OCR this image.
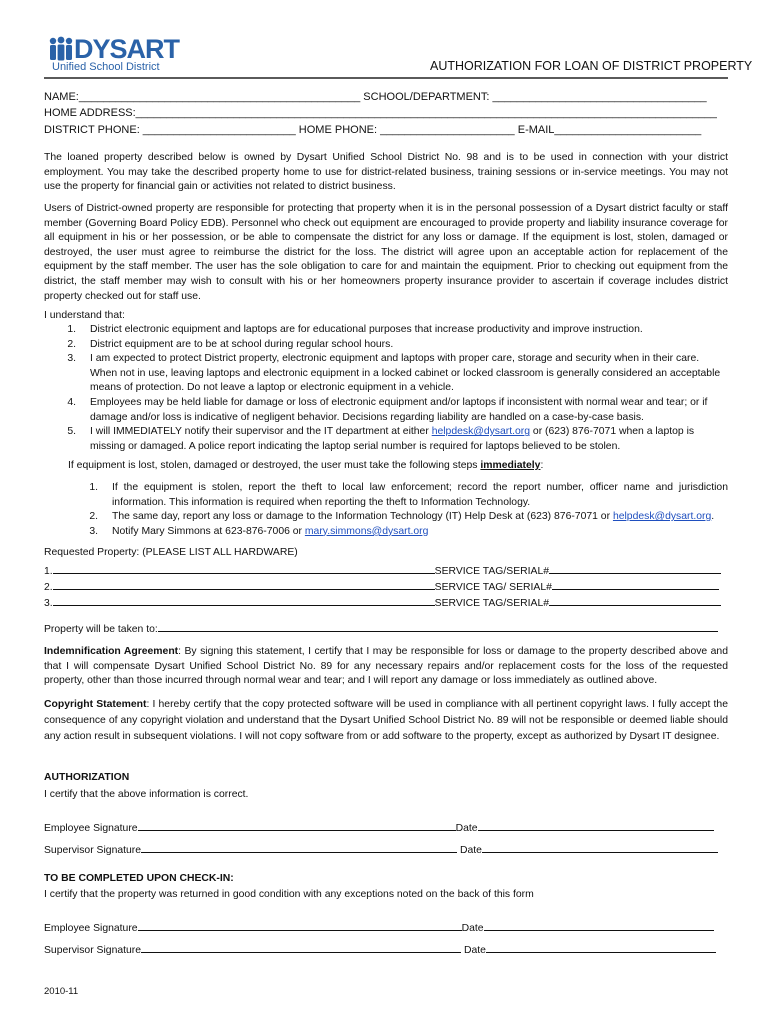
DYSART
Unified School District	AUTHORIZATION FOR LOAN OF DISTRICT PROPERTY
NAME:______________________________________________ SCHOOL/DEPARTMENT: ___________________________________
HOME ADDRESS:_______________________________________________________________________________________________
DISTRICT PHONE: _________________________ HOME PHONE: ______________________ E-MAIL________________________
The loaned property described below is owned by Dysart Unified School District No. 98 and is to be used in connection with your district employment. You may take the described property home to use for district-related business, training sessions or in-service meetings. You may not use the property for financial gain or activities not related to district business.
Users of District-owned property are responsible for protecting that property when it is in the personal possession of a Dysart district faculty or staff member (Governing Board Policy EDB). Personnel who check out equipment are encouraged to provide property and liability insurance coverage for all equipment in his or her possession, or be able to compensate the district for any loss or damage. If the equipment is lost, stolen, damaged or destroyed, the user must agree to reimburse the district for the loss. The district will agree upon an acceptable action for replacement of the equipment by the staff member. The user has the sole obligation to care for and maintain the equipment. Prior to checking out equipment from the district, the staff member may wish to consult with his or her homeowners property insurance provider to ascertain if coverage includes district property checked out for staff use.
I understand that:
1. District electronic equipment and laptops are for educational purposes that increase productivity and improve instruction.
2. District equipment are to be at school during regular school hours.
3. I am expected to protect District property, electronic equipment and laptops with proper care, storage and security when in their care. When not in use, leaving laptops and electronic equipment in a locked cabinet or locked classroom is generally considered an acceptable means of protection. Do not leave a laptop or electronic equipment in a vehicle.
4. Employees may be held liable for damage or loss of electronic equipment and/or laptops if inconsistent with normal wear and tear; or if damage and/or loss is indicative of negligent behavior. Decisions regarding liability are handled on a case-by-case basis.
5. I will IMMEDIATELY notify their supervisor and the IT department at either helpdesk@dysart.org or (623) 876-7071 when a laptop is missing or damaged. A police report indicating the laptop serial number is required for laptops believed to be stolen.
If equipment is lost, stolen, damaged or destroyed, the user must take the following steps immediately:
1. If the equipment is stolen, report the theft to local law enforcement; record the report number, officer name and jurisdiction information. This information is required when reporting the theft to Information Technology.
2. The same day, report any loss or damage to the Information Technology (IT) Help Desk at (623) 876-7071 or helpdesk@dysart.org.
3. Notify Mary Simmons at 623-876-7006 or mary.simmons@dysart.org
Requested Property: (PLEASE LIST ALL HARDWARE)
1.	SERVICE TAG/SERIAL#
2.	SERVICE TAG/ SERIAL#
3.	SERVICE TAG/SERIAL#
Property will be taken to:
Indemnification Agreement: By signing this statement, I certify that I may be responsible for loss or damage to the property described above and that I will compensate Dysart Unified School District No. 89 for any necessary repairs and/or replacement costs for the loss of the requested property, other than those incurred through normal wear and tear; and I will report any damage or loss immediately as outlined above.
Copyright Statement: I hereby certify that the copy protected software will be used in compliance with all pertinent copyright laws. I fully accept the consequence of any copyright violation and understand that the Dysart Unified School District No. 89 will not be responsible or deemed liable should any action result in subsequent violations. I will not copy software from or add software to the property, except as authorized by Dysart IT designee.
AUTHORIZATION
I certify that the above information is correct.
Employee Signature	Date
Supervisor Signature	Date
TO BE COMPLETED UPON CHECK-IN:
I certify that the property was returned in good condition with any exceptions noted on the back of this form
Employee Signature	Date
Supervisor Signature	Date
2010-11
